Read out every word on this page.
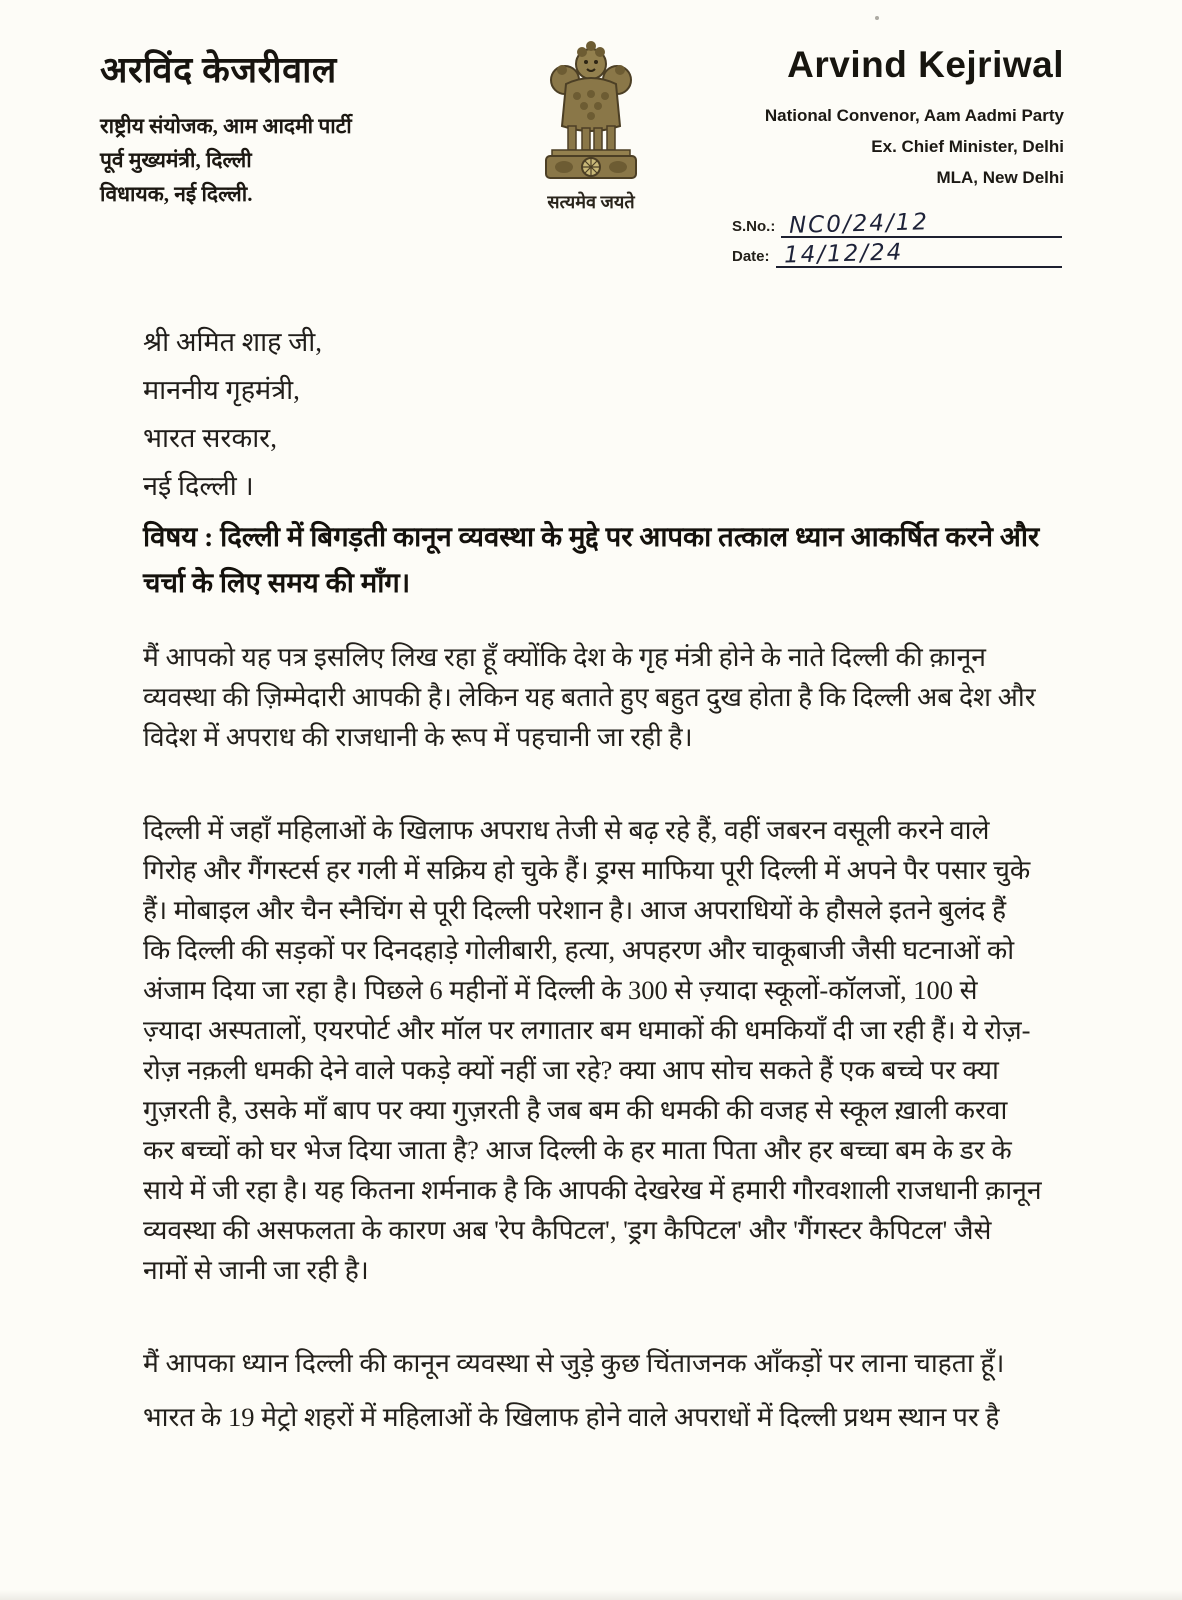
अरविंद केजरीवाल
राष्ट्रीय संयोजक, आम आदमी पार्टी
पूर्व मुख्यमंत्री, दिल्ली
विधायक, नई दिल्ली.	सत्यमेव जयते
Arvind Kejriwal
National Convenor, Aam Aadmi Party
Ex. Chief Minister, Delhi
MLA, New Delhi
S.No.: NC0/24/12
Date: 14/12/24
श्री अमित शाह जी,
माननीय गृहमंत्री,
भारत सरकार,
नई दिल्ली ।
विषय : दिल्ली में बिगड़ती कानून व्यवस्था के मुद्दे पर आपका तत्काल ध्यान आकर्षित करने और
चर्चा के लिए समय की माँग।
मैं आपको यह पत्र इसलिए लिख रहा हूँ क्योंकि देश के गृह मंत्री होने के नाते दिल्ली की क़ानून
व्यवस्था की ज़िम्मेदारी आपकी है। लेकिन यह बताते हुए बहुत दुख होता है कि दिल्ली अब देश और
विदेश में अपराध की राजधानी के रूप में पहचानी जा रही है।
दिल्ली में जहाँ महिलाओं के खिलाफ अपराध तेजी से बढ़ रहे हैं, वहीं जबरन वसूली करने वाले
गिरोह और गैंगस्टर्स हर गली में सक्रिय हो चुके हैं। ड्रग्स माफिया पूरी दिल्ली में अपने पैर पसार चुके
हैं। मोबाइल और चैन स्नैचिंग से पूरी दिल्ली परेशान है। आज अपराधियों के हौसले इतने बुलंद हैं
कि दिल्ली की सड़कों पर दिनदहाड़े गोलीबारी, हत्या, अपहरण और चाकूबाजी जैसी घटनाओं को
अंजाम दिया जा रहा है। पिछले 6 महीनों में दिल्ली के 300 से ज़्यादा स्कूलों-कॉलजों, 100 से
ज़्यादा अस्पतालों, एयरपोर्ट और मॉल पर लगातार बम धमाकों की धमकियाँ दी जा रही हैं। ये रोज़-
रोज़ नक़ली धमकी देने वाले पकड़े क्यों नहीं जा रहे? क्या आप सोच सकते हैं एक बच्चे पर क्या
गुज़रती है, उसके माँ बाप पर क्या गुज़रती है जब बम की धमकी की वजह से स्कूल ख़ाली करवा
कर बच्चों को घर भेज दिया जाता है? आज दिल्ली के हर माता पिता और हर बच्चा बम के डर के
साये में जी रहा है। यह कितना शर्मनाक है कि आपकी देखरेख में हमारी गौरवशाली राजधानी क़ानून
व्यवस्था की असफलता के कारण अब 'रेप कैपिटल', 'ड्रग कैपिटल' और 'गैंगस्टर कैपिटल' जैसे
नामों से जानी जा रही है।
मैं आपका ध्यान दिल्ली की कानून व्यवस्था से जुड़े कुछ चिंताजनक आँकड़ों पर लाना चाहता हूँ।
भारत के 19 मेट्रो शहरों में महिलाओं के खिलाफ होने वाले अपराधों में दिल्ली प्रथम स्थान पर है
